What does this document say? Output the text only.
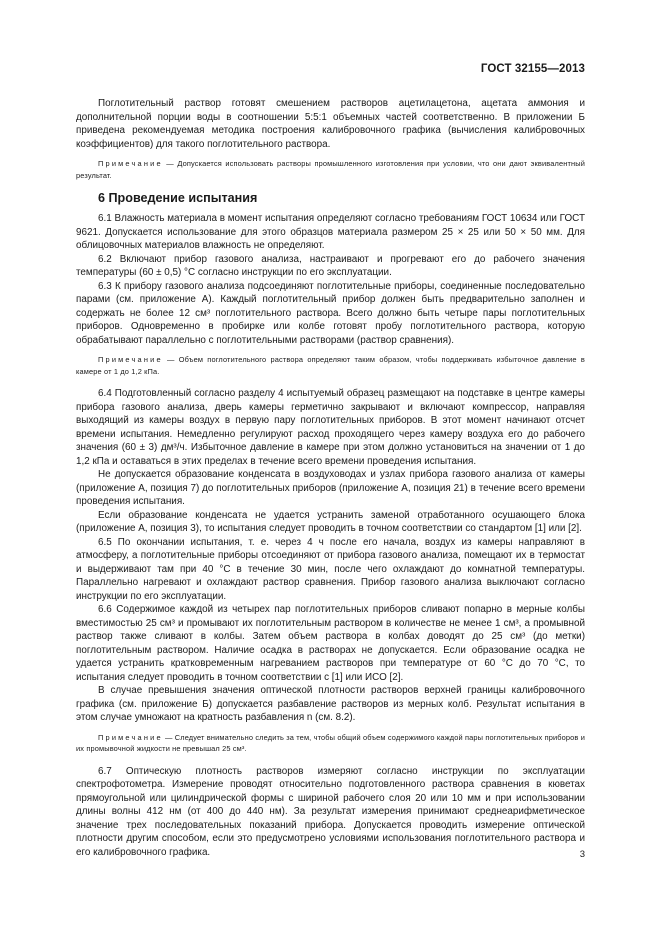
ГОСТ 32155—2013

Поглотительный раствор готовят смешением растворов ацетилацетона, ацетата аммония и дополнительной порции воды в соотношении 5:5:1 объемных частей соответственно. В приложении Б приведена рекомендуемая методика построения калибровочного графика (вычисления калибровочных коэффициентов) для такого поглотительного раствора.

Примечание — Допускается использовать растворы промышленного изготовления при условии, что они дают эквивалентный результат.

6 Проведение испытания

6.1 Влажность материала в момент испытания определяют согласно требованиям ГОСТ 10634 или ГОСТ 9621. Допускается использование для этого образцов материала размером 25 × 25 или 50 × 50 мм. Для облицовочных материалов влажность не определяют.

6.2 Включают прибор газового анализа, настраивают и прогревают его до рабочего значения температуры (60 ± 0,5) °С согласно инструкции по его эксплуатации.

6.3 К прибору газового анализа подсоединяют поглотительные приборы, соединенные последовательно парами (см. приложение А). Каждый поглотительный прибор должен быть предварительно заполнен и содержать не более 12 см³ поглотительного раствора. Всего должно быть четыре пары поглотительных приборов. Одновременно в пробирке или колбе готовят пробу поглотительного раствора, которую обрабатывают параллельно с поглотительными растворами (раствор сравнения).

Примечание — Объем поглотительного раствора определяют таким образом, чтобы поддерживать избыточное давление в камере от 1 до 1,2 кПа.

6.4 Подготовленный согласно разделу 4 испытуемый образец размещают на подставке в центре камеры прибора газового анализа, дверь камеры герметично закрывают и включают компрессор, направляя выходящий из камеры воздух в первую пару поглотительных приборов. В этот момент начинают отсчет времени испытания. Немедленно регулируют расход проходящего через камеру воздуха его до рабочего значения (60 ± 3) дм³/ч. Избыточное давление в камере при этом должно установиться на значении от 1 до 1,2 кПа и оставаться в этих пределах в течение всего времени проведения испытания.

Не допускается образование конденсата в воздуховодах и узлах прибора газового анализа от камеры (приложение А, позиция 7) до поглотительных приборов (приложение А, позиция 21) в течение всего времени проведения испытания.

Если образование конденсата не удается устранить заменой отработанного осушающего блока (приложение А, позиция 3), то испытания следует проводить в точном соответствии со стандартом [1] или [2].

6.5 По окончании испытания, т. е. через 4 ч после его начала, воздух из камеры направляют в атмосферу, а поглотительные приборы отсоединяют от прибора газового анализа, помещают их в термостат и выдерживают там при 40 °С в течение 30 мин, после чего охлаждают до комнатной температуры. Параллельно нагревают и охлаждают раствор сравнения. Прибор газового анализа выключают согласно инструкции по его эксплуатации.

6.6 Содержимое каждой из четырех пар поглотительных приборов сливают попарно в мерные колбы вместимостью 25 см³ и промывают их поглотительным раствором в количестве не менее 1 см³, а промывной раствор также сливают в колбы. Затем объем раствора в колбах доводят до 25 см³ (до метки) поглотительным раствором. Наличие осадка в растворах не допускается. Если образование осадка не удается устранить кратковременным нагреванием растворов при температуре от 60 °С до 70 °С, то испытания следует проводить в точном соответствии с [1] или ИСО [2].

В случае превышения значения оптической плотности растворов верхней границы калибровочного графика (см. приложение Б) допускается разбавление растворов из мерных колб. Результат испытания в этом случае умножают на кратность разбавления n (см. 8.2).

Примечание — Следует внимательно следить за тем, чтобы общий объем содержимого каждой пары поглотительных приборов и их промывочной жидкости не превышал 25 см³.

6.7 Оптическую плотность растворов измеряют согласно инструкции по эксплуатации спектрофотометра. Измерение проводят относительно подготовленного раствора сравнения в кюветах прямоугольной или цилиндрической формы с шириной рабочего слоя 20 или 10 мм и при использовании длины волны 412 нм (от 400 до 440 нм). За результат измерения принимают среднеарифметическое значение трех последовательных показаний прибора. Допускается проводить измерение оптической плотности другим способом, если это предусмотрено условиями использования поглотительного раствора и его калибровочного графика.	3
